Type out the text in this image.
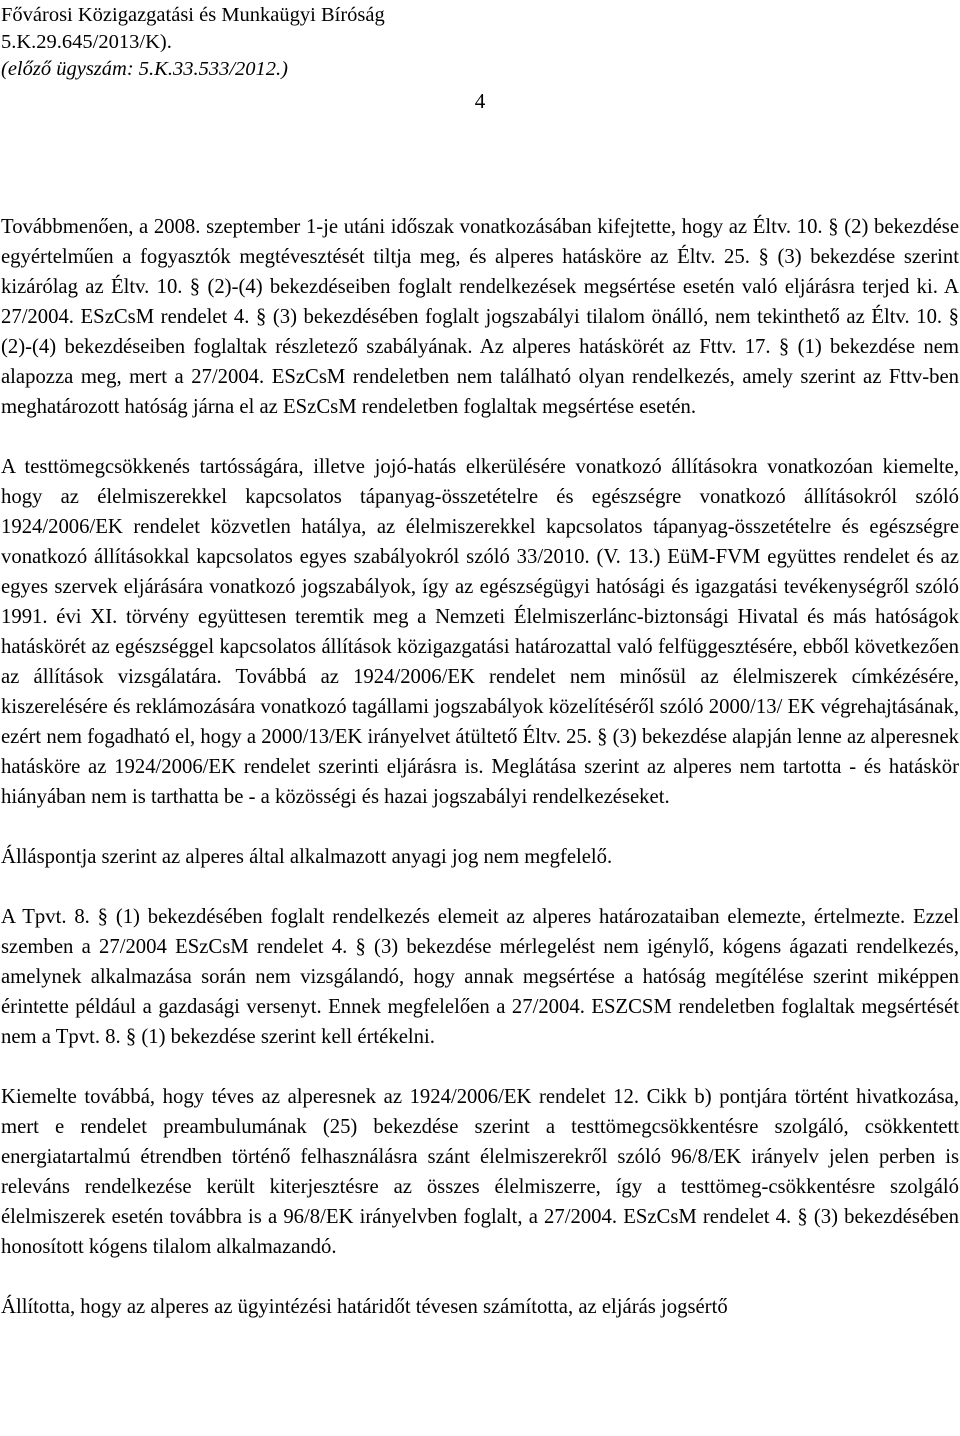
Fővárosi Közigazgatási és Munkaügyi Bíróság
5.K.29.645/2013/K).
(előző ügyszám: 5.K.33.533/2012.)
4

Továbbmenően, a 2008. szeptember 1-je utáni időszak vonatkozásában kifejtette, hogy az Éltv. 10. § (2) bekezdése egyértelműen a fogyasztók megtévesztését tiltja meg, és alperes hatásköre az Éltv. 25. § (3) bekezdése szerint kizárólag az Éltv. 10. § (2)-(4) bekezdéseiben foglalt rendelkezések megsértése esetén való eljárásra terjed ki. A 27/2004. ESzCsM rendelet 4. § (3) bekezdésében foglalt jogszabályi tilalom önálló, nem tekinthető az Éltv. 10. § (2)-(4) bekezdéseiben foglaltak részletező szabályának. Az alperes hatáskörét az Fttv. 17. § (1) bekezdése nem alapozza meg, mert a 27/2004. ESzCsM rendeletben nem található olyan rendelkezés, amely szerint az Fttv-ben meghatározott hatóság járna el az ESzCsM rendeletben foglaltak megsértése esetén.

A testtömegcsökkenés tartósságára, illetve jojó-hatás elkerülésére vonatkozó állításokra vonatkozóan kiemelte, hogy az élelmiszerekkel kapcsolatos tápanyag-összetételre és egészségre vonatkozó állításokról szóló 1924/2006/EK rendelet közvetlen hatálya, az élelmiszerekkel kapcsolatos tápanyag-összetételre és egészségre vonatkozó állításokkal kapcsolatos egyes szabályokról szóló 33/2010. (V. 13.) EüM-FVM együttes rendelet és az egyes szervek eljárására vonatkozó jogszabályok, így az egészségügyi hatósági és igazgatási tevékenységről szóló 1991. évi XI. törvény együttesen teremtik meg a Nemzeti Élelmiszerlánc-biztonsági Hivatal és más hatóságok hatáskörét az egészséggel kapcsolatos állítások közigazgatási határozattal való felfüggesztésére, ebből következően az állítások vizsgálatára. Továbbá az 1924/2006/EK rendelet nem minősül az élelmiszerek címkézésére, kiszerelésére és reklámozására vonatkozó tagállami jogszabályok közelítéséről szóló 2000/13/ EK végrehajtásának, ezért nem fogadható el, hogy a 2000/13/EK irányelvet átültető Éltv. 25. § (3) bekezdése alapján lenne az alperesnek hatásköre az 1924/2006/EK rendelet szerinti eljárásra is. Meglátása szerint az alperes nem tartotta - és hatáskör hiányában nem is tarthatta be - a közösségi és hazai jogszabályi rendelkezéseket.

Álláspontja szerint az alperes által alkalmazott anyagi jog nem megfelelő.

A Tpvt. 8. § (1) bekezdésében foglalt rendelkezés elemeit az alperes határozataiban elemezte, értelmezte. Ezzel szemben a 27/2004 ESzCsM rendelet 4. § (3) bekezdése mérlegelést nem igénylő, kógens ágazati rendelkezés, amelynek alkalmazása során nem vizsgálandó, hogy annak megsértése a hatóság megítélése szerint miképpen érintette például a gazdasági versenyt. Ennek megfelelően a 27/2004. ESZCSM rendeletben foglaltak megsértését nem a Tpvt. 8. § (1) bekezdése szerint kell értékelni.

Kiemelte továbbá, hogy téves az alperesnek az 1924/2006/EK rendelet 12. Cikk b) pontjára történt hivatkozása, mert e rendelet preambulumának (25) bekezdése szerint a testtömegcsökkentésre szolgáló, csökkentett energiatartalmú étrendben történő felhasználásra szánt élelmiszerekről szóló 96/8/EK irányelv jelen perben is releváns rendelkezése került kiterjesztésre az összes élelmiszerre, így a testtömeg-csökkentésre szolgáló élelmiszerek esetén továbbra is a 96/8/EK irányelvben foglalt, a 27/2004. ESzCsM rendelet 4. § (3) bekezdésében honosított kógens tilalom alkalmazandó.

Állította, hogy az alperes az ügyintézési határidőt tévesen számította, az eljárás jogsértő
